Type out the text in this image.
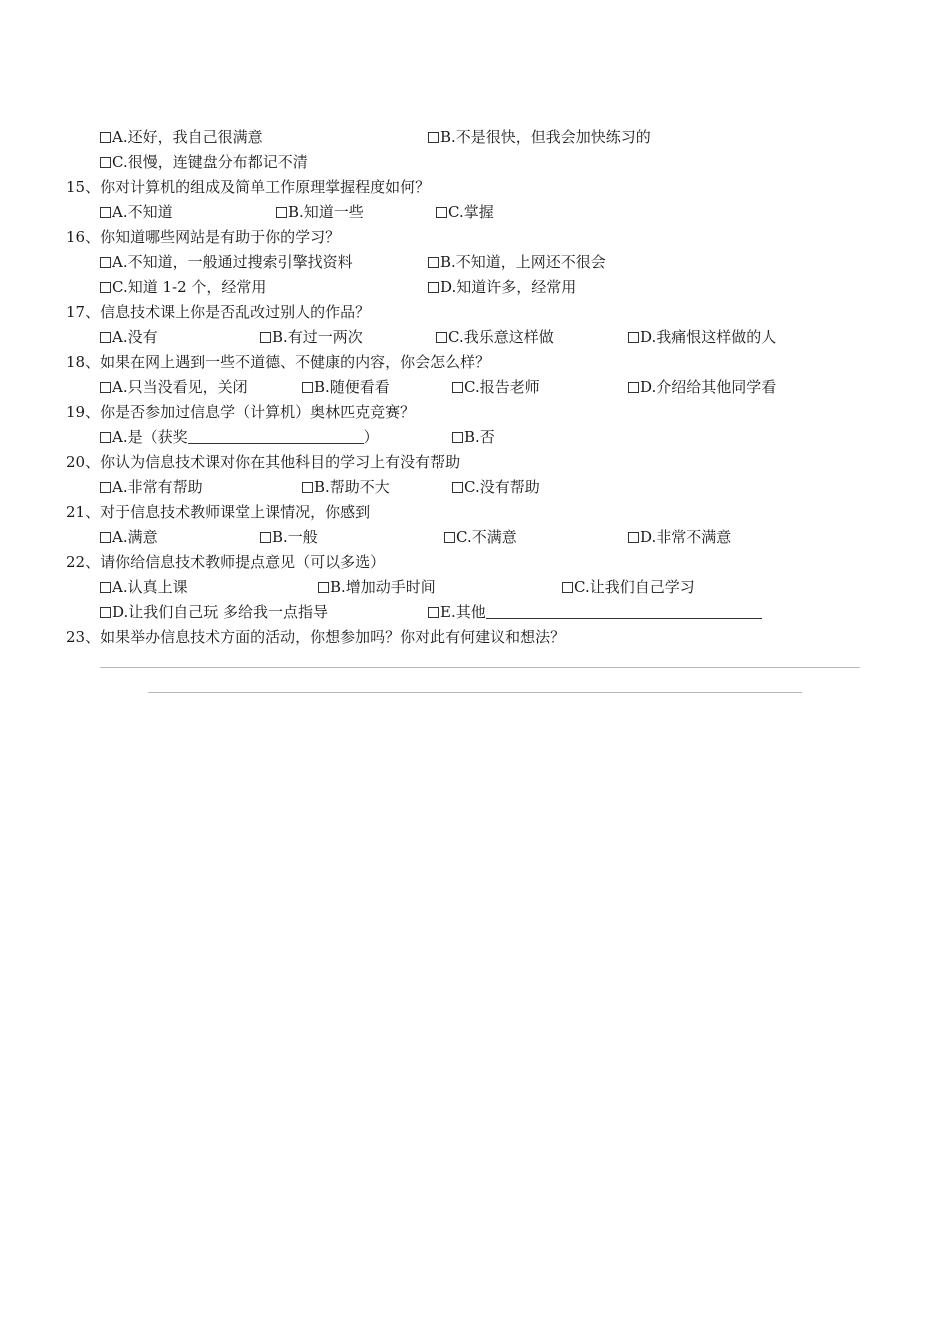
A.还好，我自己很满意	B.不是很快，但我会加快练习的
C.很慢，连键盘分布都记不清
15、你对计算机的组成及简单工作原理掌握程度如何？
A.不知道	B.知道一些	C.掌握
16、你知道哪些网站是有助于你的学习？
A.不知道，一般通过搜索引擎找资料	B.不知道，上网还不很会
C.知道 1-2 个，经常用	D.知道许多，经常用
17、信息技术课上你是否乱改过别人的作品？
A.没有	B.有过一两次	C.我乐意这样做	D.我痛恨这样做的人
18、如果在网上遇到一些不道德、不健康的内容，你会怎么样？
A.只当没看见，关闭	B.随便看看	C.报告老师	D.介绍给其他同学看
19、你是否参加过信息学（计算机）奥林匹克竞赛？
A.是（获奖	）	B.否
20、你认为信息技术课对你在其他科目的学习上有没有帮助
A.非常有帮助	B.帮助不大	C.没有帮助
21、对于信息技术教师课堂上课情况，你感到
A.满意	B.一般	C.不满意	D.非常不满意
22、请你给信息技术教师提点意见（可以多选）
A.认真上课	B.增加动手时间	C.让我们自己学习
D.让我们自己玩 多给我一点指导	E.其他
23、如果举办信息技术方面的活动，你想参加吗？你对此有何建议和想法？
